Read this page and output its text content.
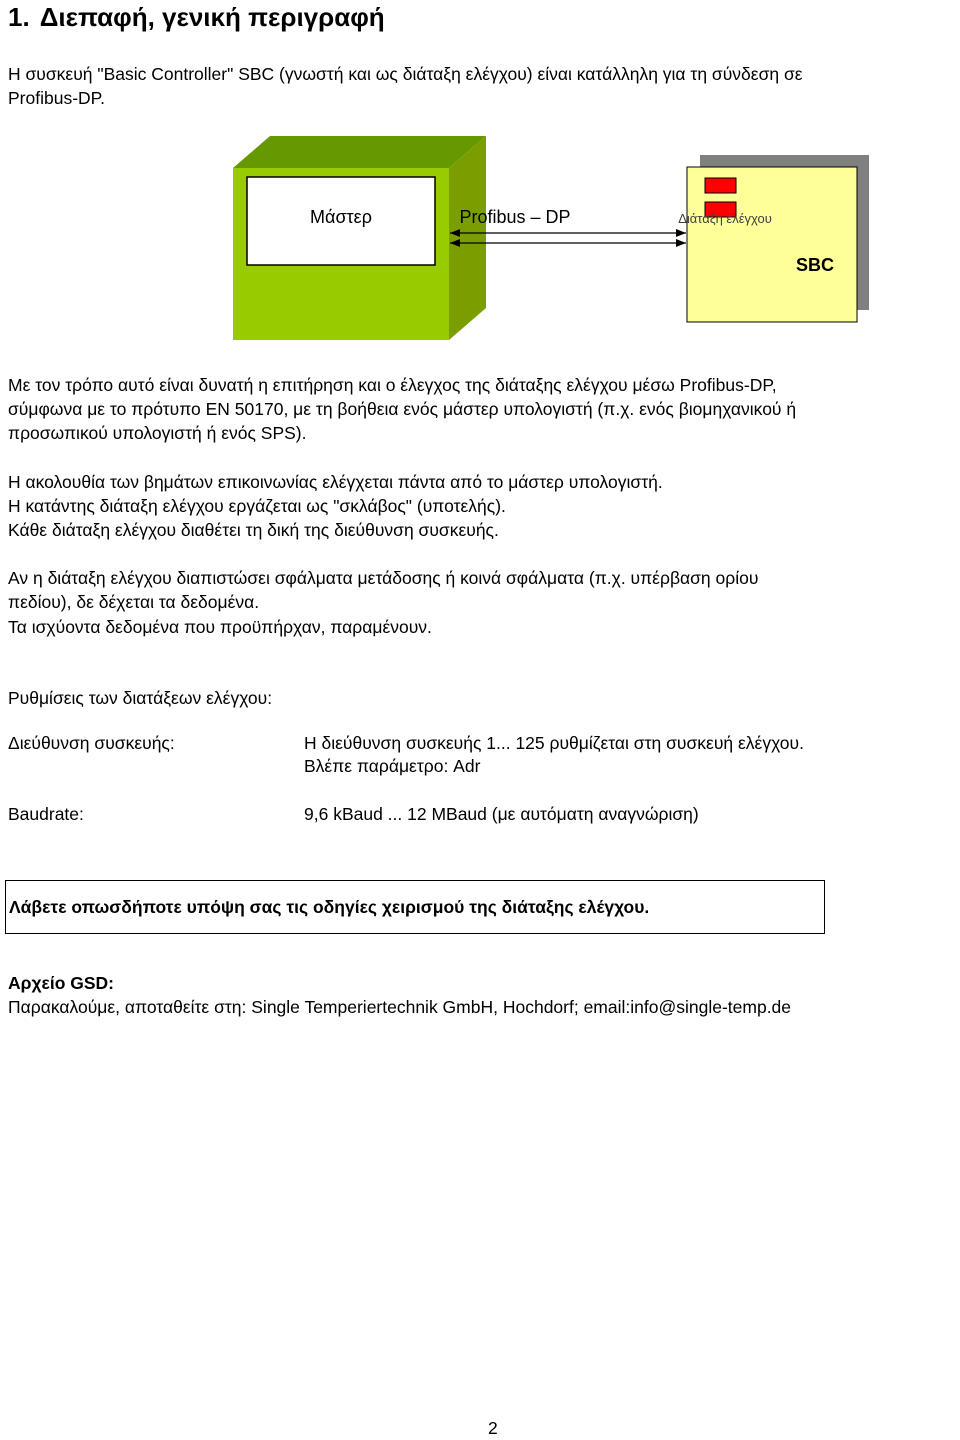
1. Διεπαφή, γενική περιγραφή
Η συσκευή "Basic Controller" SBC (γνωστή και ως διάταξη ελέγχου) είναι κατάλληλη για τη σύνδεση σε
Profibus-DP.
Μάστερ	Διάταξη ελέγχου
SBC
Profibus – DP
Με τον τρόπο αυτό είναι δυνατή η επιτήρηση και ο έλεγχος της διάταξης ελέγχου μέσω Profibus-DP,
σύμφωνα με το πρότυπο EN 50170, με τη βοήθεια ενός μάστερ υπολογιστή (π.χ. ενός βιομηχανικού ή
προσωπικού υπολογιστή ή ενός SPS).
Η ακολουθία των βημάτων επικοινωνίας ελέγχεται πάντα από το μάστερ υπολογιστή.
Η κατάντης διάταξη ελέγχου εργάζεται ως "σκλάβος" (υποτελής).
Κάθε διάταξη ελέγχου διαθέτει τη δική της διεύθυνση συσκευής.
Αν η διάταξη ελέγχου διαπιστώσει σφάλματα μετάδοσης ή κοινά σφάλματα (π.χ. υπέρβαση ορίου
πεδίου), δε δέχεται τα δεδομένα.
Τα ισχύοντα δεδομένα που προϋπήρχαν, παραμένουν.
Ρυθμίσεις των διατάξεων ελέγχου:
Διεύθυνση συσκευής:	Η διεύθυνση συσκευής 1... 125 ρυθμίζεται στη συσκευή ελέγχου.
Βλέπε παράμετρο: Adr
Baudrate:	9,6 kBaud ... 12 MBaud (με αυτόματη αναγνώριση)
Λάβετε οπωσδήποτε υπόψη σας τις οδηγίες χειρισμού της διάταξης ελέγχου.
Αρχείο GSD:
Παρακαλούμε, αποταθείτε στη: Single Temperiertechnik GmbH, Hochdorf; email:info@single-temp.de
2
